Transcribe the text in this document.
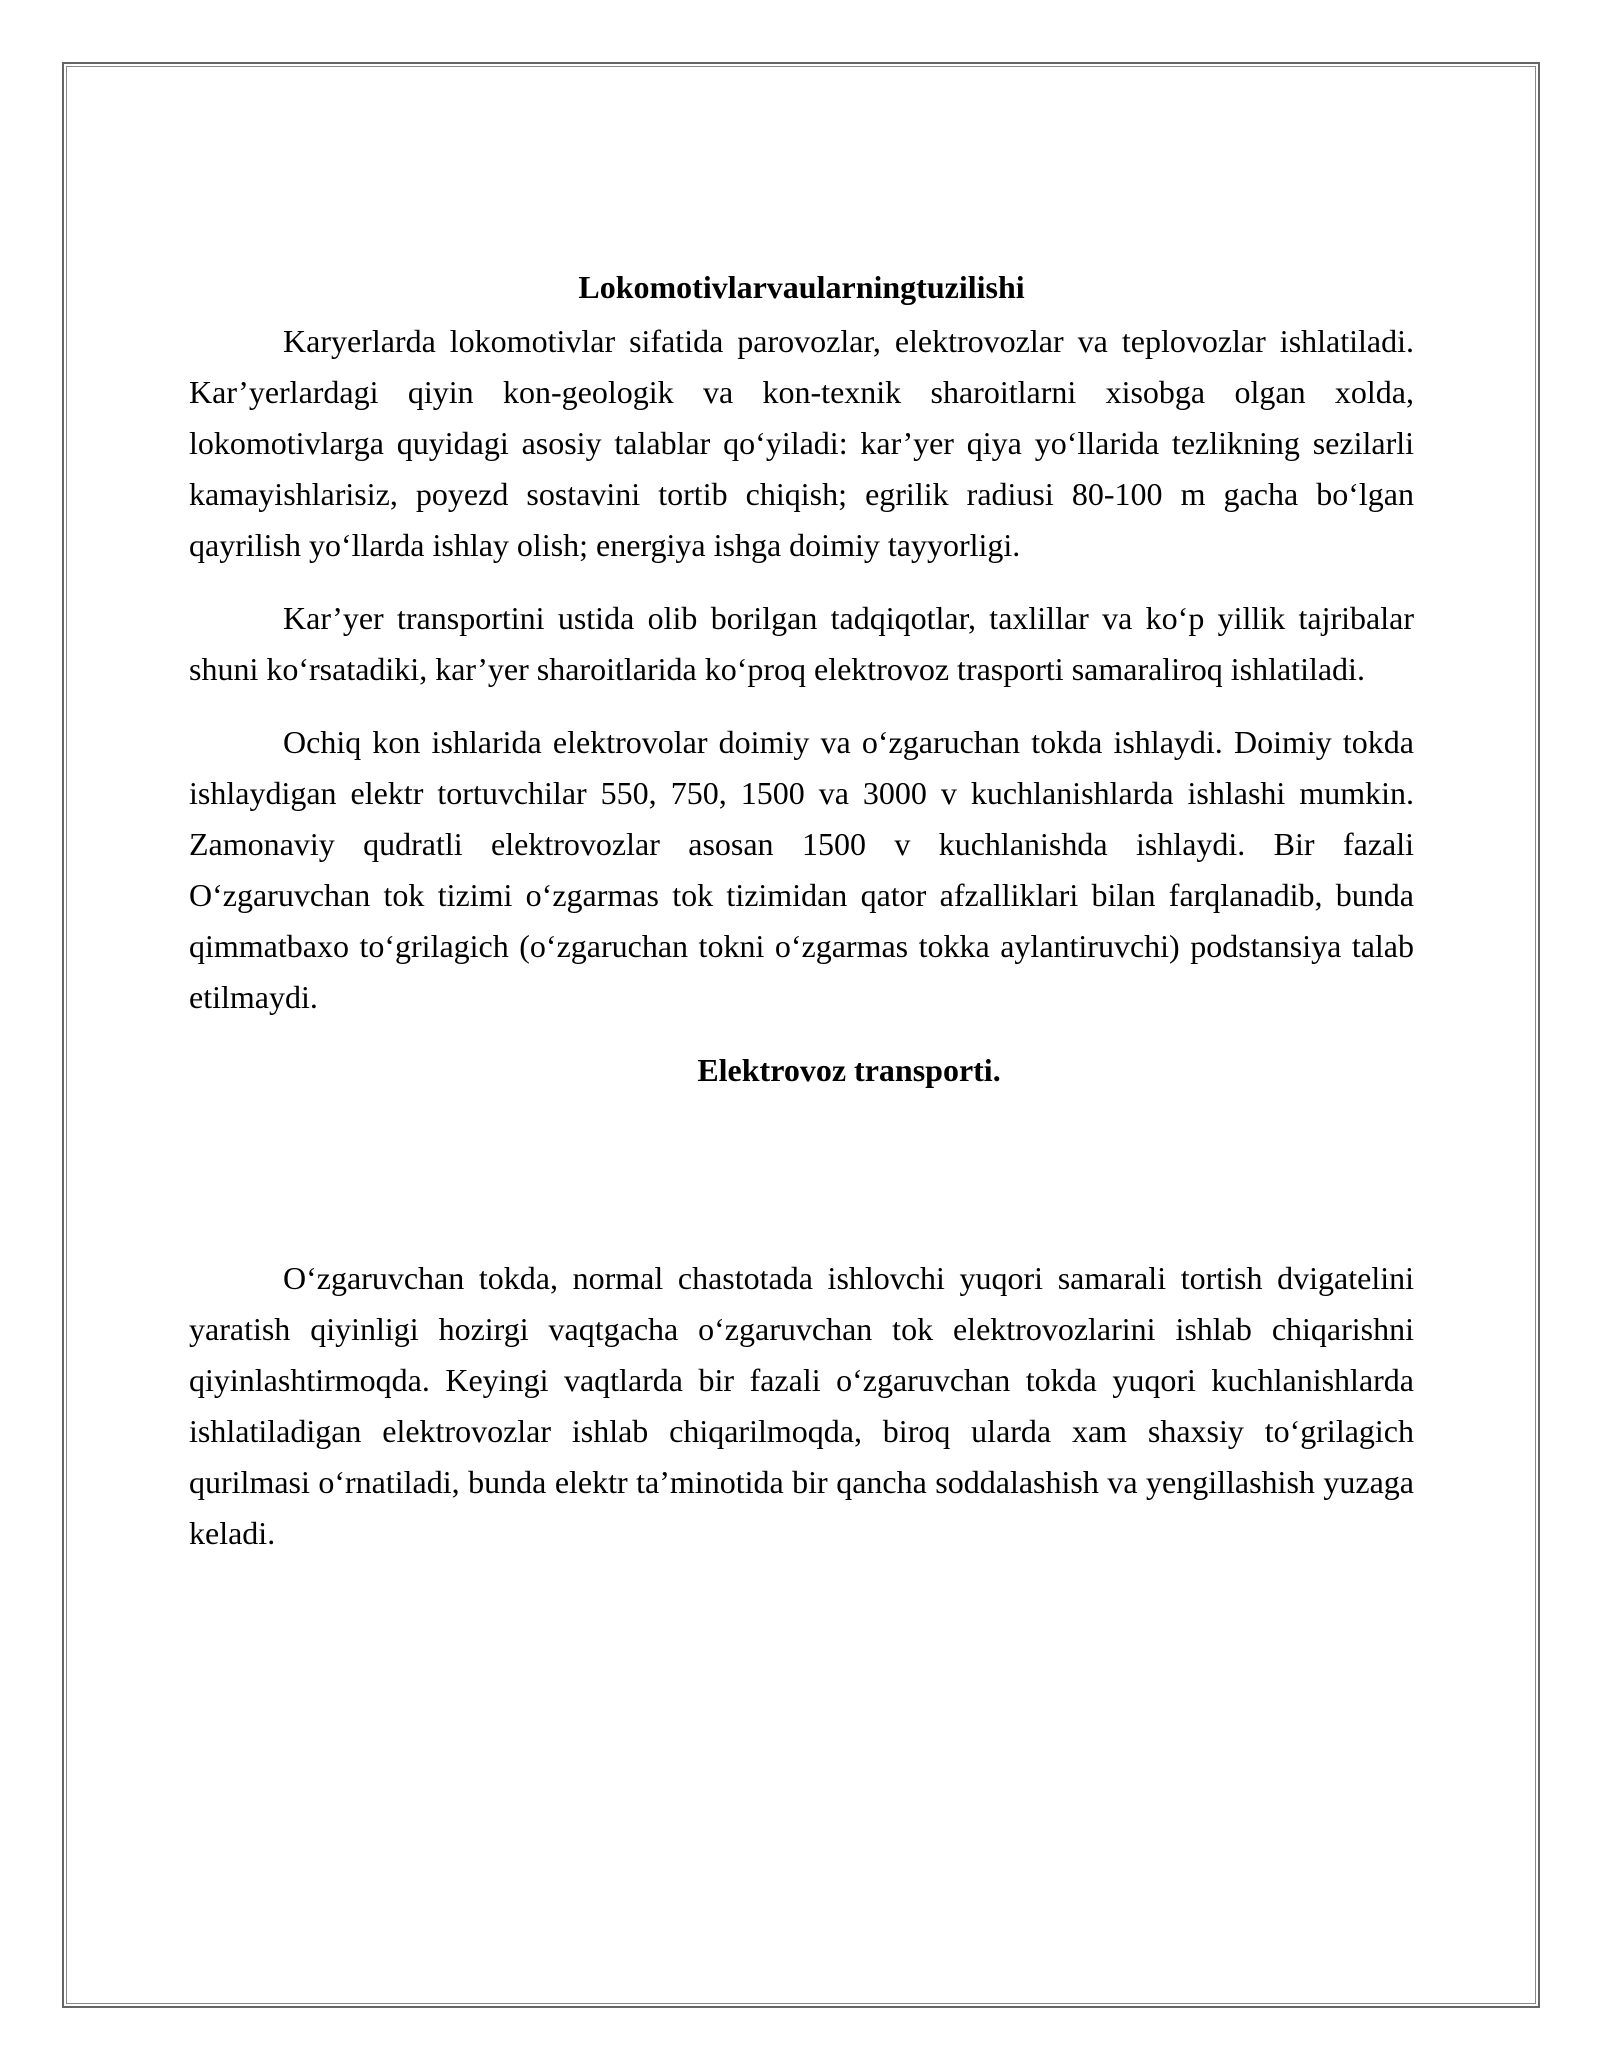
Lokomotivlarvaularningtuzilishi

Karyerlarda lokomotivlar sifatida parovozlar, elektrovozlar va teplovozlar ishlatiladi. Kar’yerlardagi qiyin kon-geologik va kon-texnik sharoitlarni xisobga olgan xolda, lokomotivlarga quyidagi asosiy talablar qo‘yiladi: kar’yer qiya yo‘llarida tezlikning sezilarli kamayishlarisiz, poyezd sostavini tortib chiqish; egrilik radiusi 80-100 m gacha bo‘lgan qayrilish yo‘llarda ishlay olish; energiya ishga doimiy tayyorligi.

Kar’yer transportini ustida olib borilgan tadqiqotlar, taxlillar va ko‘p yillik tajribalar shuni ko‘rsatadiki, kar’yer sharoitlarida ko‘proq elektrovoz trasporti samaraliroq ishlatiladi.

Ochiq kon ishlarida elektrovolar doimiy va o‘zgaruchan tokda ishlaydi. Doimiy tokda ishlaydigan elektr tortuvchilar 550, 750, 1500 va 3000 v kuchlanishlarda ishlashi mumkin. Zamonaviy qudratli elektrovozlar asosan 1500 v kuchlanishda ishlaydi. Bir fazali O‘zgaruvchan tok tizimi o‘zgarmas tok tizimidan qator afzalliklari bilan farqlanadib, bunda qimmatbaxo to‘grilagich (o‘zgaruchan tokni o‘zgarmas tokka aylantiruvchi) podstansiya talab etilmaydi.

Elektrovoz transporti.

O‘zgaruvchan tokda, normal chastotada ishlovchi yuqori samarali tortish dvigatelini yaratish qiyinligi hozirgi vaqtgacha o‘zgaruvchan tok elektrovozlarini ishlab chiqarishni qiyinlashtirmoqda. Keyingi vaqtlarda bir fazali o‘zgaruvchan tokda yuqori kuchlanishlarda ishlatiladigan elektrovozlar ishlab chiqarilmoqda, biroq ularda xam shaxsiy to‘grilagich qurilmasi o‘rnatiladi, bunda elektr ta’minotida bir qancha soddalashish va yengillashish yuzaga keladi.
